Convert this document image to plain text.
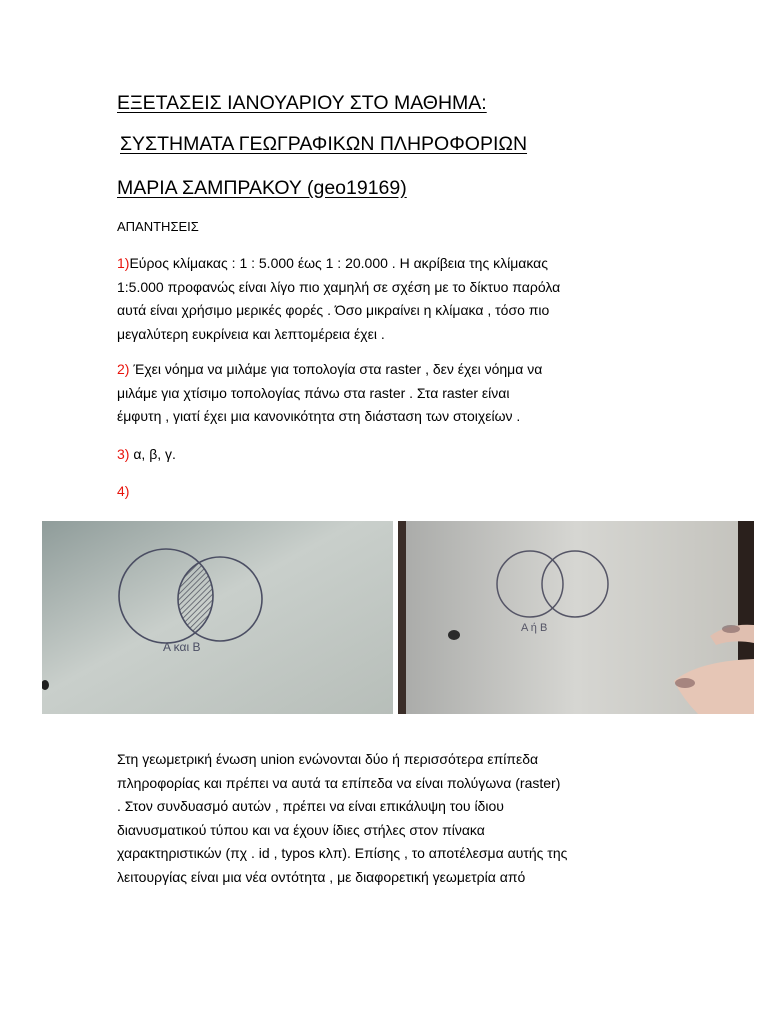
ΕΞΕΤΑΣΕΙΣ ΙΑΝΟΥΑΡΙΟΥ ΣΤΟ ΜΑΘΗΜΑ:
ΣΥΣΤΗΜΑΤΑ ΓΕΩΓΡΑΦΙΚΩΝ ΠΛΗΡΟΦΟΡΙΩΝ
ΜΑΡΙΑ ΣΑΜΠΡΑΚΟΥ (geo19169)
ΑΠΑΝΤΗΣΕΙΣ
1)Εύρος κλίμακας : 1 : 5.000 έως 1 : 20.000 . Η ακρίβεια της κλίμακας
1:5.000 προφανώς είναι λίγο πιο χαμηλή σε σχέση με το δίκτυο παρόλα
αυτά είναι χρήσιμο μερικές φορές . Όσο μικραίνει η κλίμακα , τόσο πιο
μεγαλύτερη ευκρίνεια και λεπτομέρεια έχει .
2) Έχει νόημα να μιλάμε για τοπολογία στα raster , δεν έχει νόημα να
μιλάμε για χτίσιμο τοπολογίας πάνω στα raster . Στα raster είναι
έμφυτη , γιατί έχει μια κανονικότητα στη διάσταση των στοιχείων .
3) α, β, γ.
4)
A και B
A ή B
Στη γεωμετρική ένωση union ενώνονται δύο ή περισσότερα επίπεδα
πληροφορίας και πρέπει να αυτά τα επίπεδα να είναι πολύγωνα (raster)
. Στον συνδυασμό αυτών , πρέπει να είναι επικάλυψη του ίδιου
διανυσματικού τύπου και να έχουν ίδιες στήλες στον πίνακα
χαρακτηριστικών (πχ . id , typos κλπ). Επίσης , το αποτέλεσμα αυτής της
λειτουργίας είναι μια νέα οντότητα , με διαφορετική γεωμετρία από
